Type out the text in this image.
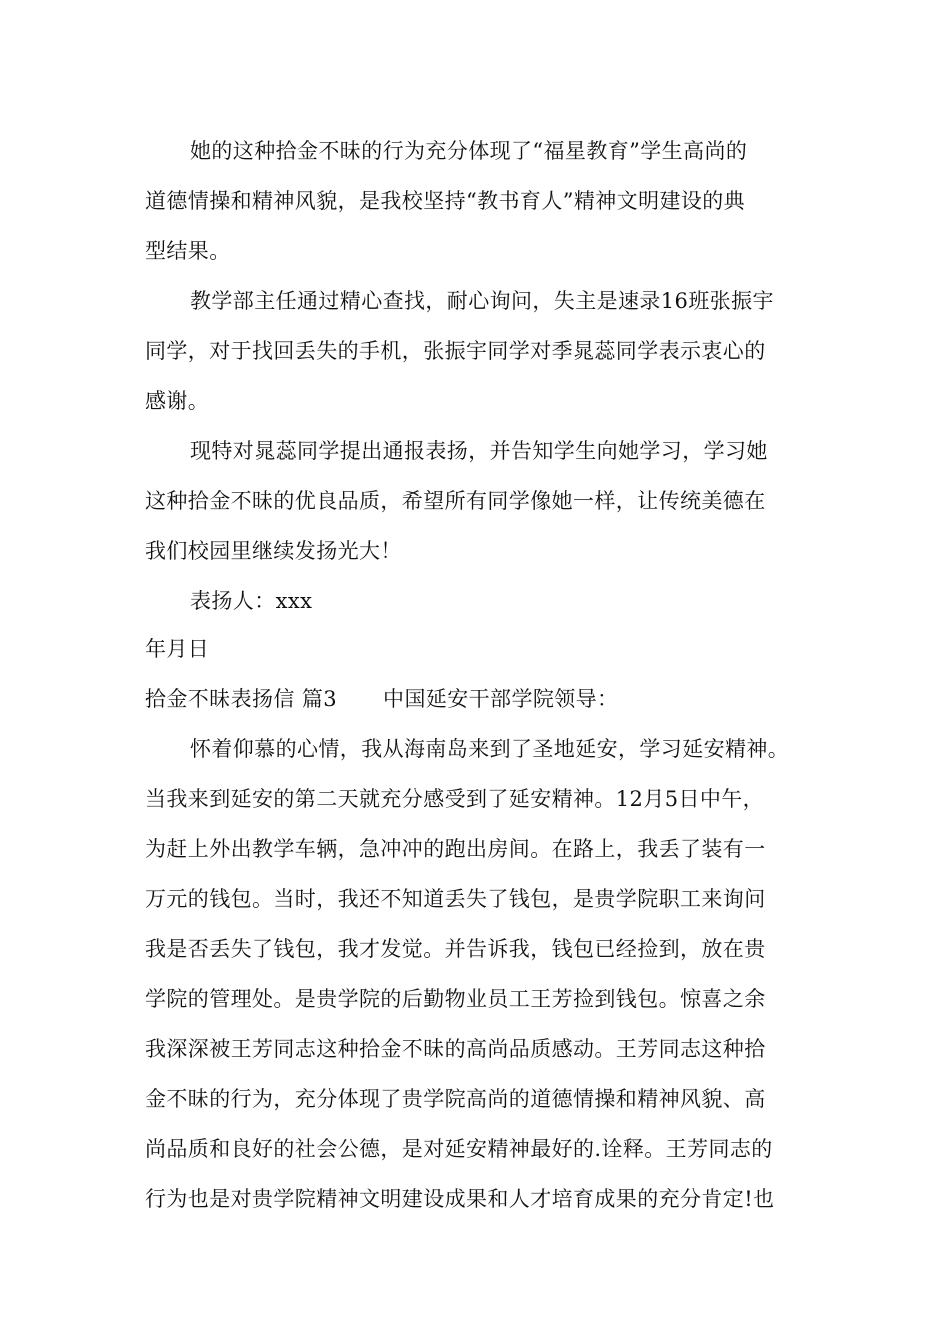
她的这种拾金不昧的行为充分体现了“福星教育”学生高尚的
道德情操和精神风貌，是我校坚持“教书育人”精神文明建设的典
型结果。
教学部主任通过精心查找，耐心询问，失主是速录16班张振宇
同学，对于找回丢失的手机，张振宇同学对季晁蕊同学表示衷心的
感谢。
现特对晁蕊同学提出通报表扬，并告知学生向她学习，学习她
这种拾金不昧的优良品质，希望所有同学像她一样，让传统美德在
我们校园里继续发扬光大！
表扬人：xxx
年月日
拾金不昧表扬信 篇3 中国延安干部学院领导：
怀着仰慕的心情，我从海南岛来到了圣地延安，学习延安精神。
当我来到延安的第二天就充分感受到了延安精神。12月5日中午，
为赶上外出教学车辆，急冲冲的跑出房间。在路上，我丢了装有一
万元的钱包。当时，我还不知道丢失了钱包，是贵学院职工来询问
我是否丢失了钱包，我才发觉。并告诉我，钱包已经捡到，放在贵
学院的管理处。是贵学院的后勤物业员工王芳捡到钱包。惊喜之余
我深深被王芳同志这种拾金不昧的高尚品质感动。王芳同志这种拾
金不昧的行为，充分体现了贵学院高尚的道德情操和精神风貌、高
尚品质和良好的社会公德，是对延安精神最好的.诠释。王芳同志的
行为也是对贵学院精神文明建设成果和人才培育成果的充分肯定!也
